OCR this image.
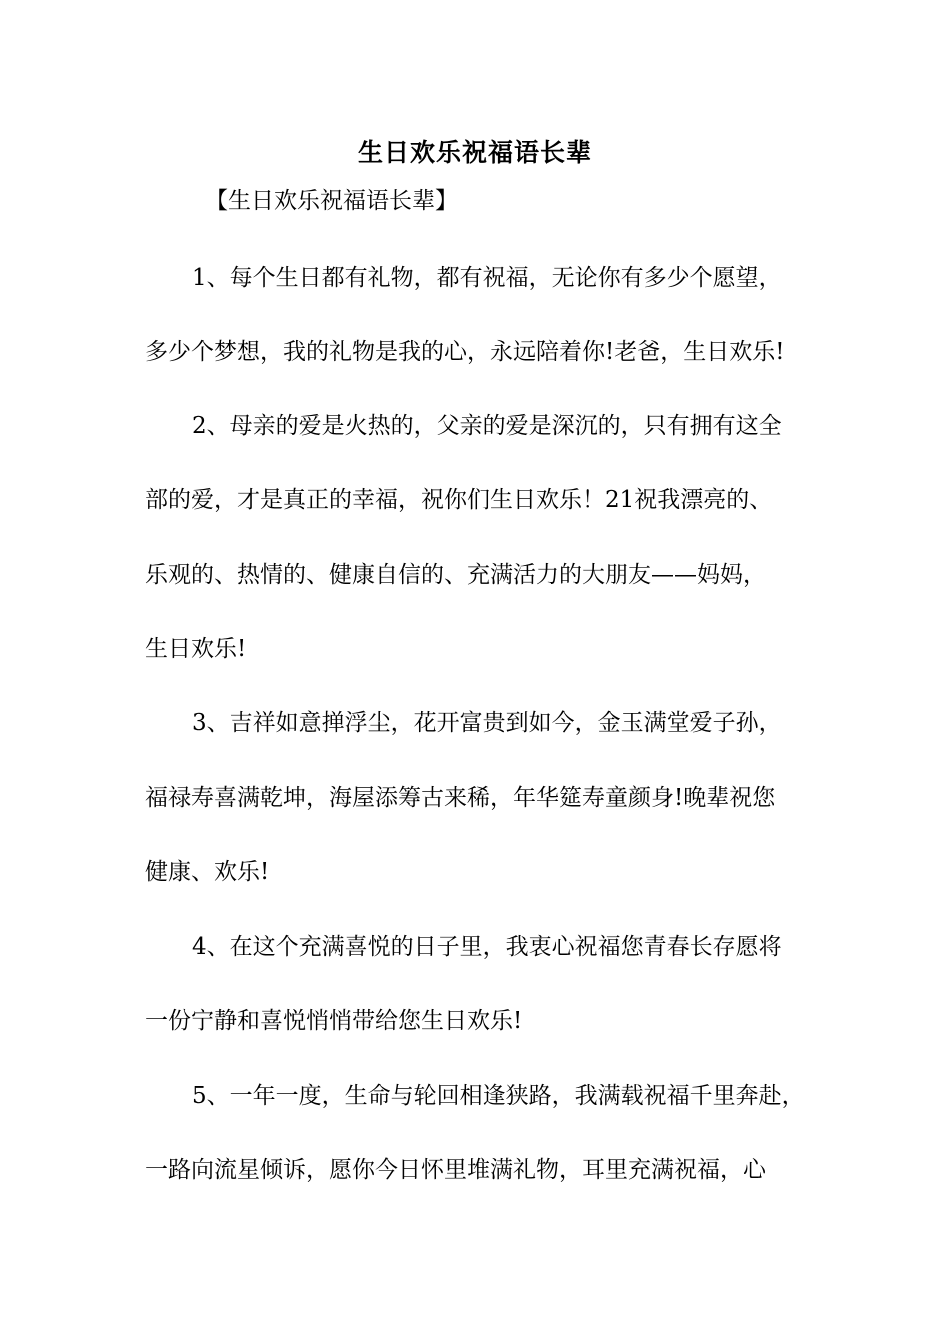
生日欢乐祝福语长辈
【生日欢乐祝福语长辈】
1、每个生日都有礼物，都有祝福，无论你有多少个愿望，
多少个梦想，我的礼物是我的心，永远陪着你!老爸，生日欢乐!
2、母亲的爱是火热的，父亲的爱是深沉的，只有拥有这全
部的爱，才是真正的幸福，祝你们生日欢乐！21祝我漂亮的、
乐观的、热情的、健康自信的、充满活力的大朋友——妈妈，
生日欢乐!
3、吉祥如意掸浮尘，花开富贵到如今，金玉满堂爱子孙，
福禄寿喜满乾坤，海屋添筹古来稀，年华筵寿童颜身!晚辈祝您
健康、欢乐!
4、在这个充满喜悦的日子里，我衷心祝福您青春长存愿将
一份宁静和喜悦悄悄带给您生日欢乐!
5、一年一度，生命与轮回相逢狭路，我满载祝福千里奔赴，
一路向流星倾诉，愿你今日怀里堆满礼物，耳里充满祝福，心
